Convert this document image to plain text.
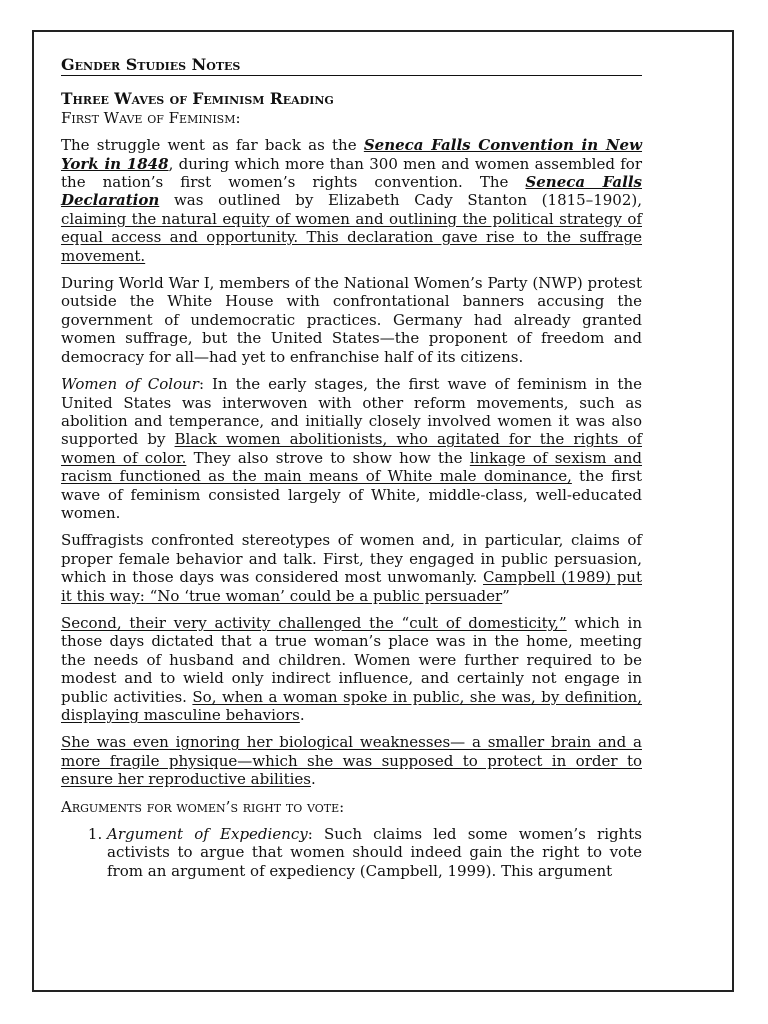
Gender Studies Notes
Three Waves of Feminism Reading
First Wave of Feminism:

The struggle went as far back as the Seneca Falls Convention in New York in 1848, during which more than 300 men and women assembled for the nation’s first women’s rights convention. The Seneca Falls Declaration was outlined by Elizabeth Cady Stanton (1815–1902), claiming the natural equity of women and outlining the political strategy of equal access and opportunity. This declaration gave rise to the suffrage movement.

During World War I, members of the National Women’s Party (NWP) protest outside the White House with confrontational banners accusing the government of undemocratic practices. Germany had already granted women suffrage, but the United States—the proponent of freedom and democracy for all—had yet to enfranchise half of its citizens.

Women of Colour: In the early stages, the first wave of feminism in the United States was interwoven with other reform movements, such as abolition and temperance, and initially closely involved women it was also supported by Black women abolitionists, who agitated for the rights of women of color. They also strove to show how the linkage of sexism and racism functioned as the main means of White male dominance, the first wave of feminism consisted largely of White, middle-class, well-educated women.

Suffragists confronted stereotypes of women and, in particular, claims of proper female behavior and talk. First, they engaged in public persuasion, which in those days was considered most unwomanly. Campbell (1989) put it this way: “No ‘true woman’ could be a public persuader”

Second, their very activity challenged the “cult of domesticity,” which in those days dictated that a true woman’s place was in the home, meeting the needs of husband and children. Women were further required to be modest and to wield only indirect influence, and certainly not engage in public activities. So, when a woman spoke in public, she was, by definition, displaying masculine behaviors.

She was even ignoring her biological weaknesses— a smaller brain and a more fragile physique—which she was supposed to protect in order to ensure her reproductive abilities.

Arguments for women’s right to vote:
1. Argument of Expediency: Such claims led some women’s rights activists to argue that women should indeed gain the right to vote from an argument of expediency (Campbell, 1999). This argument
